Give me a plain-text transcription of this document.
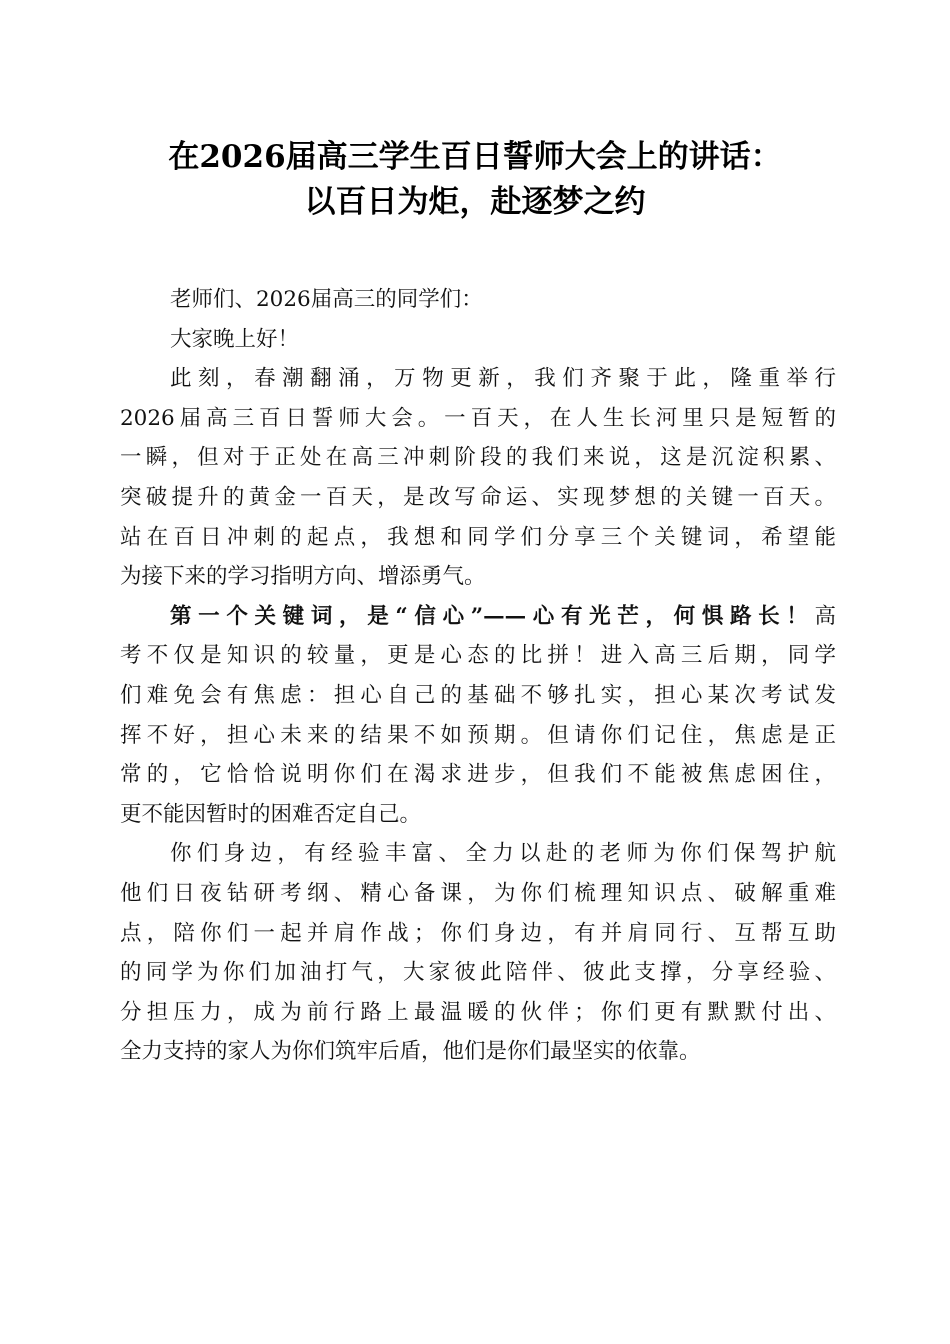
在2026届高三学生百日誓师大会上的讲话：
以百日为炬，赴逐梦之约
老师们、2026届高三的同学们：
大家晚上好！
此刻，春潮翻涌，万物更新，我们齐聚于此，隆重举行
2026届高三百日誓师大会。一百天，在人生长河里只是短暂的
一瞬，但对于正处在高三冲刺阶段的我们来说，这是沉淀积累、
突破提升的黄金一百天，是改写命运、实现梦想的关键一百天。
站在百日冲刺的起点，我想和同学们分享三个关键词，希望能
为接下来的学习指明方向、增添勇气。
第一个关键词，是“信心”——心有光芒，何惧路长！高
考不仅是知识的较量，更是心态的比拼！进入高三后期，同学
们难免会有焦虑：担心自己的基础不够扎实，担心某次考试发
挥不好，担心未来的结果不如预期。但请你们记住，焦虑是正
常的，它恰恰说明你们在渴求进步，但我们不能被焦虑困住，
更不能因暂时的困难否定自己。
你们身边，有经验丰富、全力以赴的老师为你们保驾护航
他们日夜钻研考纲、精心备课，为你们梳理知识点、破解重难
点，陪你们一起并肩作战；你们身边，有并肩同行、互帮互助
的同学为你们加油打气，大家彼此陪伴、彼此支撑，分享经验、
分担压力，成为前行路上最温暖的伙伴；你们更有默默付出、
全力支持的家人为你们筑牢后盾，他们是你们最坚实的依靠。
